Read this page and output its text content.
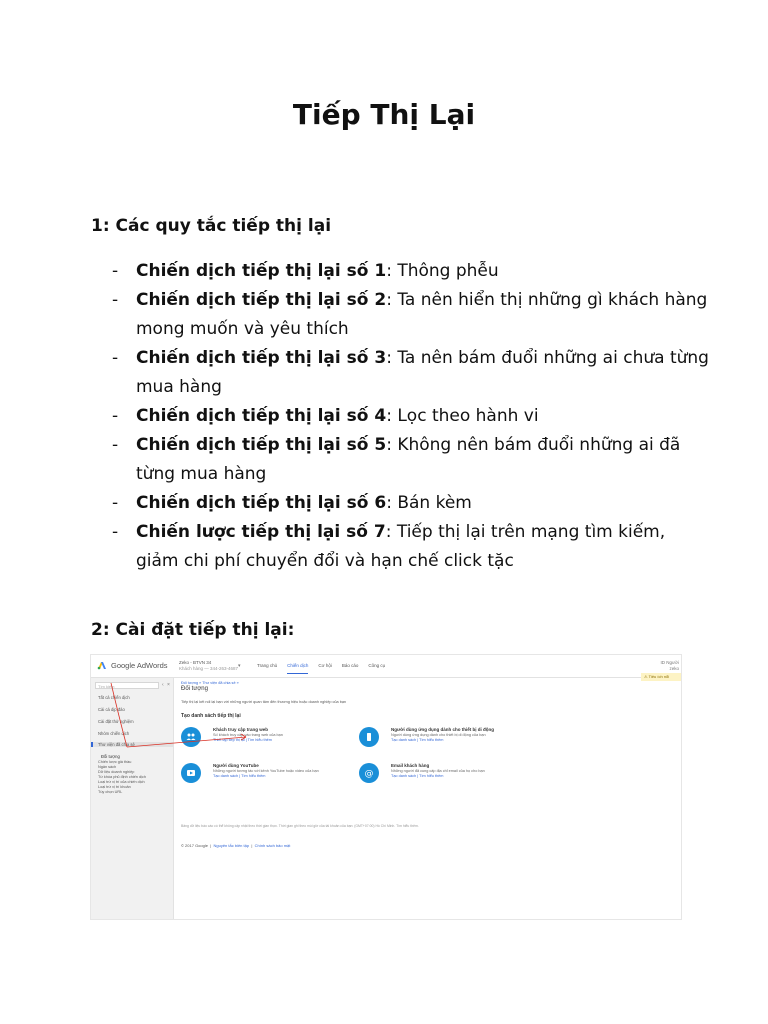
Tiếp Thị Lại
1: Các quy tắc tiếp thị lại
- Chiến dịch tiếp thị lại số 1: Thông phễu
- Chiến dịch tiếp thị lại số 2: Ta nên hiển thị những gì khách hàng mong muốn và yêu thích
- Chiến dịch tiếp thị lại số 3: Ta nên bám đuổi những ai chưa từng mua hàng
- Chiến dịch tiếp thị lại số 4: Lọc theo hành vi
- Chiến dịch tiếp thị lại số 5: Không nên bám đuổi những ai đã từng mua hàng
- Chiến dịch tiếp thị lại số 6: Bán kèm
- Chiến lược tiếp thị lại số 7: Tiếp thị lại trên mạng tìm kiếm, giảm chi phí chuyển đổi và hạn chế click tặc
2: Cài đặt tiếp thị lại:
Google AdWords	Zeko - BTVN 34
Khách hàng — 344-263-4687 ▾	Trang chủ Chiến dịch Cơ hội Báo cáo Công cụ
ID Người
zeko
⚠ Tiêu ích nổi
Tìm kiếm	‹ ×
Tất cả chiến dịch
Cài cá dịp đảo
Cài đặt thử nghiệm
Nhóm chiến dịch
Thư viện đã chia sẻ
Đối tượng
Chiến lược giá thầu
Ngân sách
Dữ liệu doanh nghiệp
Từ khóa phủ định chiến dịch
Loại trừ vị trí của chiến dịch
Loại trừ vị trí khoản
Tùy chọn URL
Đối tượng » Thư viện đã chia sẻ »
Đối tượng
Tiếp thị lại kết nối lại bạn với những người quan tâm đến thương hiệu hoặc doanh nghiệp của bạn
Tạo danh sách tiếp thị lại
Khách truy cập trang web
Số khách truy cập vào trang web của bạn
Thiết lập tiếp thị lại | Tìm hiểu thêm
Người dùng ứng dụng dành cho thiết bị di động
Người dùng ứng dụng dành cho thiết bị di động của bạn
Tạo danh sách | Tìm hiểu thêm
Người dùng YouTube
Những người tương tác với kênh YouTube hoặc video của bạn
Tạo danh sách | Tìm hiểu thêm	@
Email khách hàng
Những người đã cung cấp địa chỉ email của họ cho bạn
Tạo danh sách | Tìm hiểu thêm
Bảng dữ liệu báo cáo có thể không cập nhật theo thời gian thực. Thời gian ghi theo múi giờ của tài khoản của bạn: (GMT+07:00) Hồ Chí Minh. Tìm hiểu thêm.
© 2017 Google | Nguyên tắc biên tập | Chính sách bảo mật
